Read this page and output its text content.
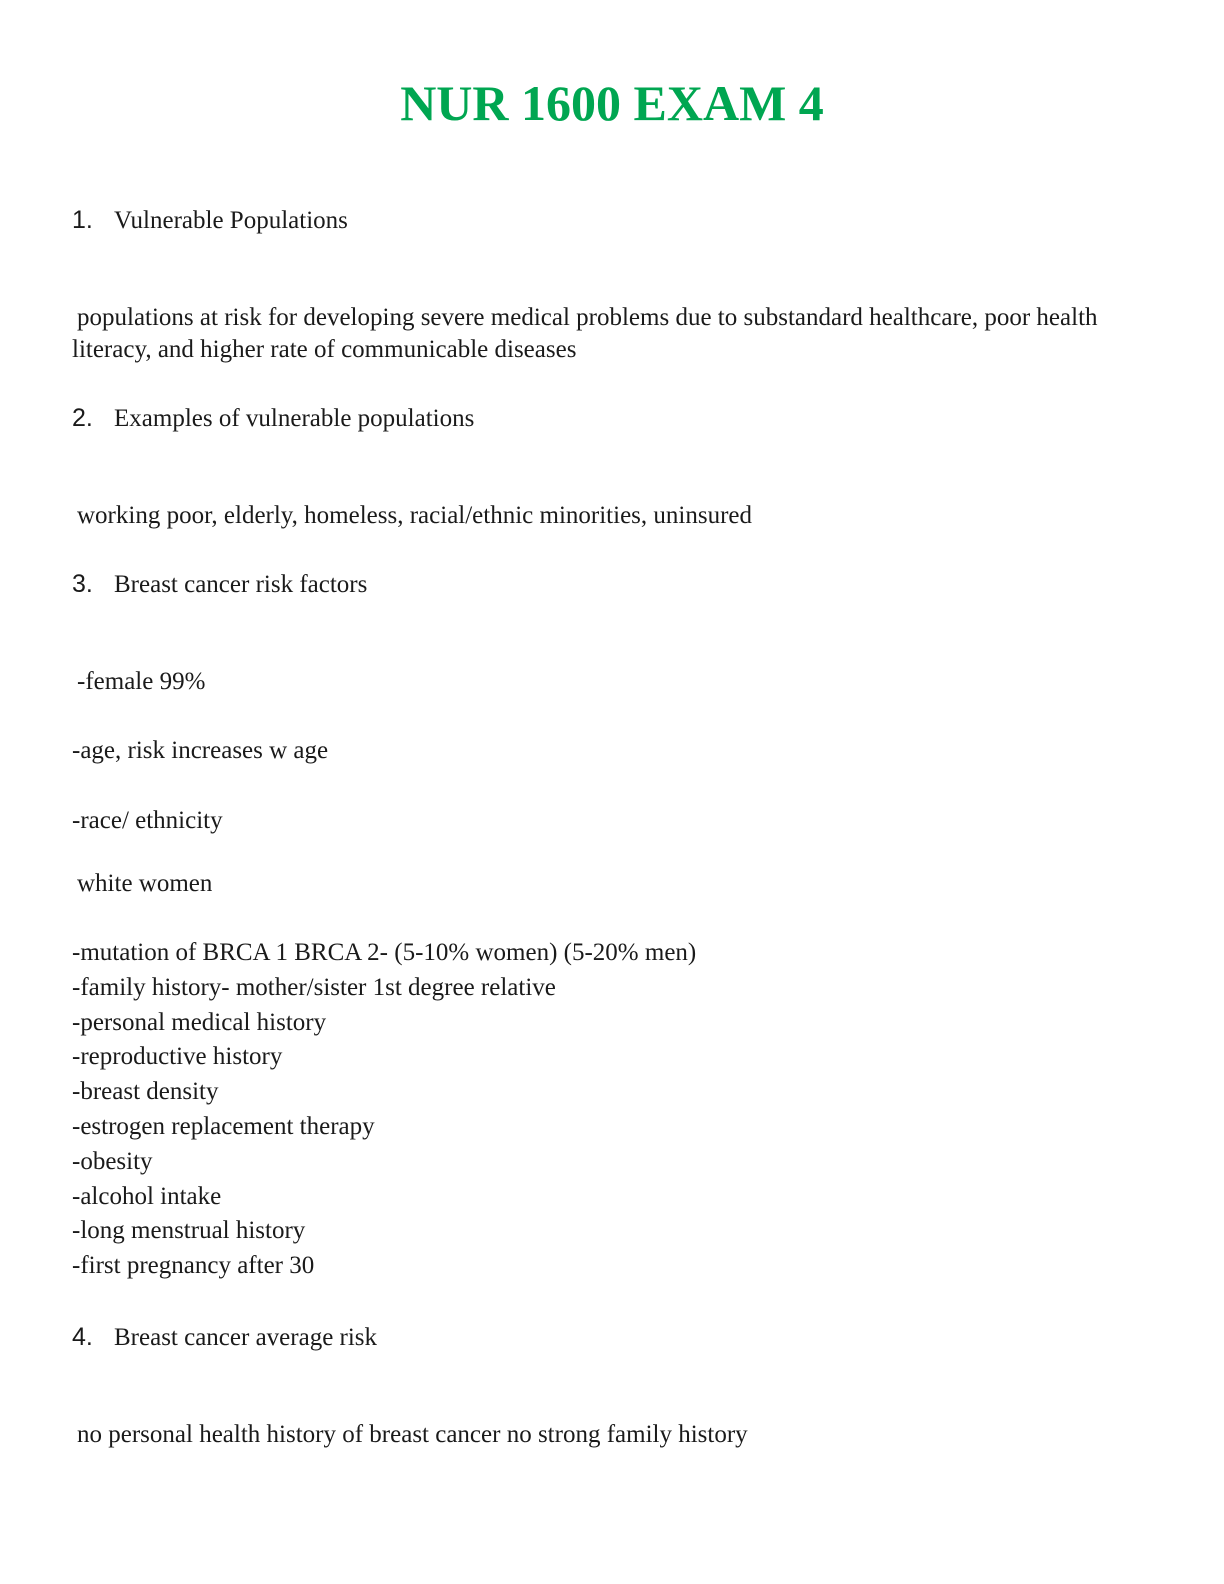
NUR 1600 EXAM 4
1. Vulnerable Populations
populations at risk for developing severe medical problems due to substandard healthcare, poor health literacy, and higher rate of communicable diseases
2. Examples of vulnerable populations
working poor, elderly, homeless, racial/ethnic minorities, uninsured
3. Breast cancer risk factors
-female 99%
-age, risk increases w age
-race/ ethnicity
white women
-mutation of BRCA 1 BRCA 2- (5-10% women) (5-20% men)
-family history- mother/sister 1st degree relative
-personal medical history
-reproductive history
-breast density
-estrogen replacement therapy
-obesity
-alcohol intake
-long menstrual history
-first pregnancy after 30
4. Breast cancer average risk
no personal health history of breast cancer no strong family history
